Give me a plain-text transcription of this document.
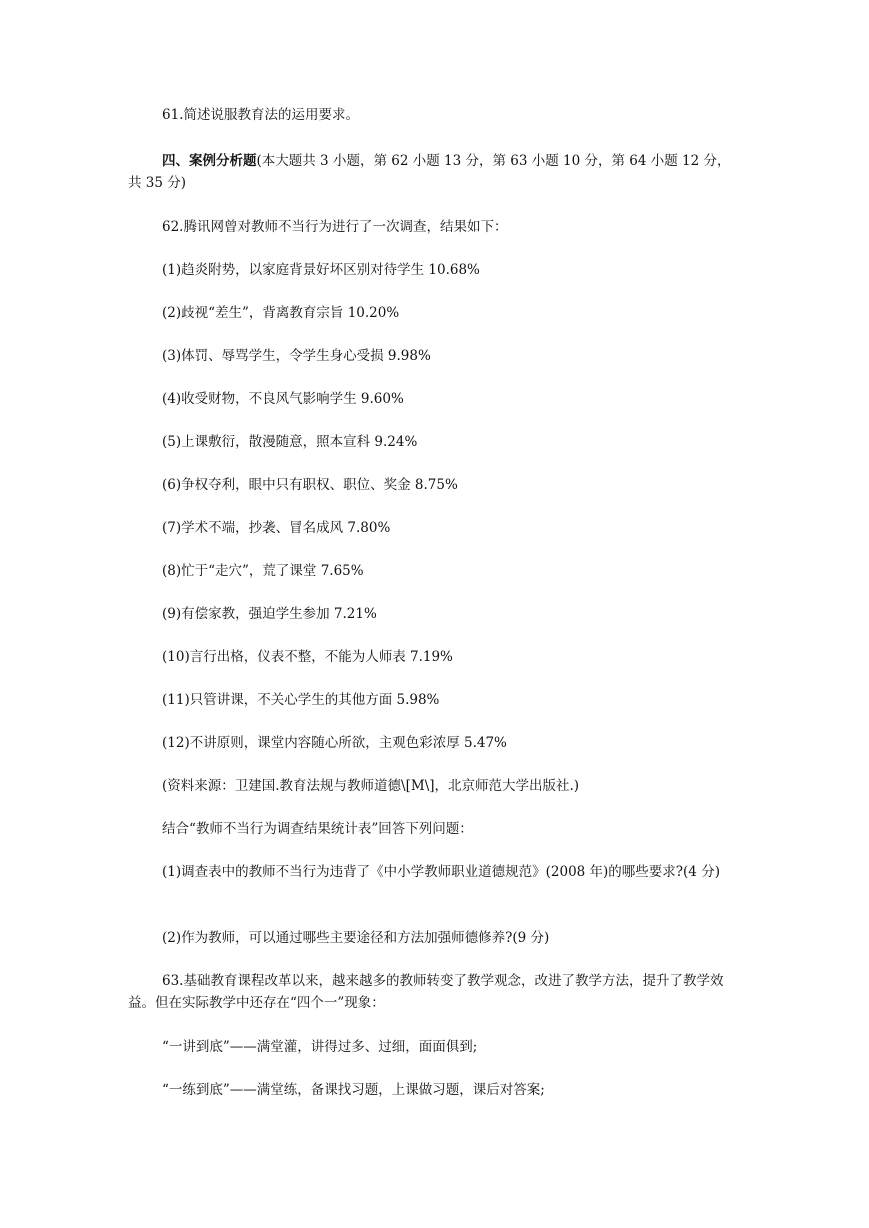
61.简述说服教育法的运用要求。
四、案例分析题(本大题共 3 小题，第 62 小题 13 分，第 63 小题 10 分，第 64 小题 12 分，共 35 分)
62.腾讯网曾对教师不当行为进行了一次调查，结果如下：
(1)趋炎附势，以家庭背景好坏区别对待学生 10.68%
(2)歧视“差生”，背离教育宗旨 10.20%
(3)体罚、辱骂学生，令学生身心受损 9.98%
(4)收受财物，不良风气影响学生 9.60%
(5)上课敷衍，散漫随意，照本宣科 9.24%
(6)争权夺利，眼中只有职权、职位、奖金 8.75%
(7)学术不端，抄袭、冒名成风 7.80%
(8)忙于“走穴”，荒了课堂 7.65%
(9)有偿家教，强迫学生参加 7.21%
(10)言行出格，仪表不整，不能为人师表 7.19%
(11)只管讲课，不关心学生的其他方面 5.98%
(12)不讲原则，课堂内容随心所欲，主观色彩浓厚 5.47%
(资料来源：卫建国.教育法规与教师道德\[M\]，北京师范大学出版社.)
结合“教师不当行为调查结果统计表”回答下列问题：
(1)调查表中的教师不当行为违背了《中小学教师职业道德规范》(2008 年)的哪些要求?(4 分)
(2)作为教师，可以通过哪些主要途径和方法加强师德修养?(9 分)
63.基础教育课程改革以来，越来越多的教师转变了教学观念，改进了教学方法，提升了教学效益。但在实际教学中还存在“四个一”现象：
“一讲到底”——满堂灌，讲得过多、过细，面面俱到;
“一练到底”——满堂练，备课找习题，上课做习题，课后对答案;
